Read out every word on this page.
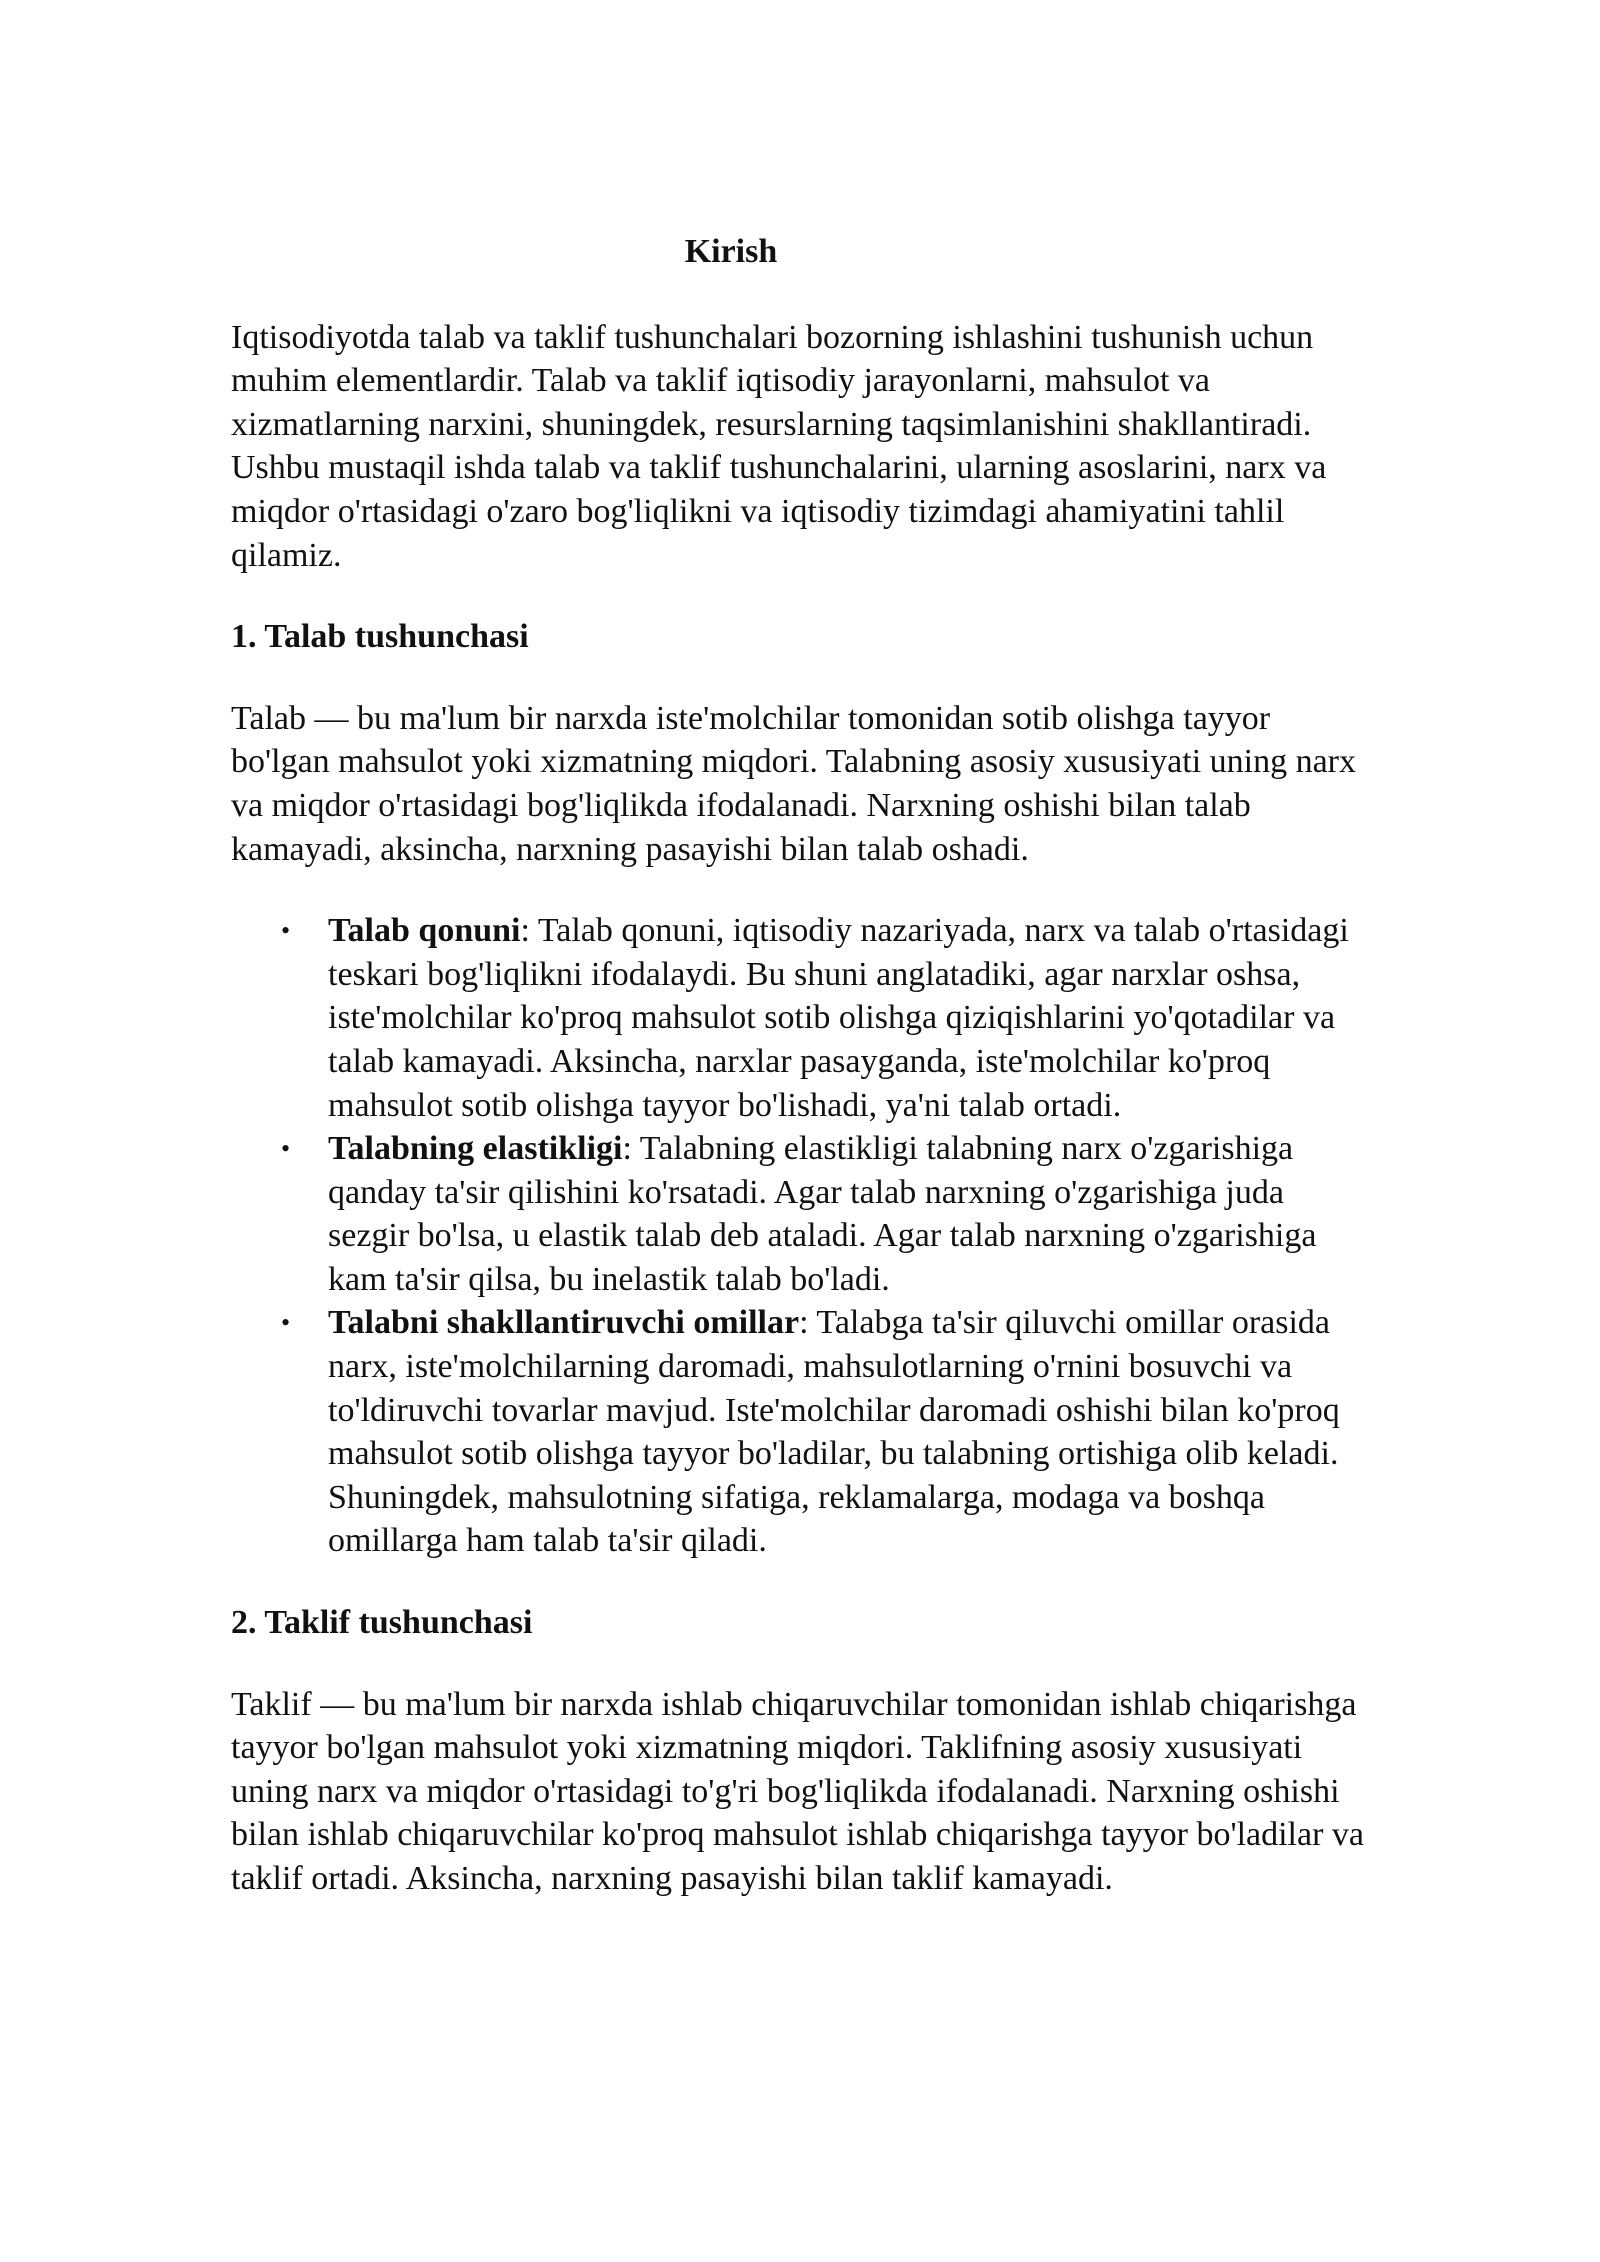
Kirish

Iqtisodiyotda talab va taklif tushunchalari bozorning ishlashini tushunish uchun muhim elementlardir. Talab va taklif iqtisodiy jarayonlarni, mahsulot va xizmatlarning narxini, shuningdek, resurslarning taqsimlanishini shakllantiradi. Ushbu mustaqil ishda talab va taklif tushunchalarini, ularning asoslarini, narx va miqdor o'rtasidagi o'zaro bog'liqlikni va iqtisodiy tizimdagi ahamiyatini tahlil qilamiz.

1. Talab tushunchasi

Talab — bu ma'lum bir narxda iste'molchilar tomonidan sotib olishga tayyor bo'lgan mahsulot yoki xizmatning miqdori. Talabning asosiy xususiyati uning narx va miqdor o'rtasidagi bog'liqlikda ifodalanadi. Narxning oshishi bilan talab kamayadi, aksincha, narxning pasayishi bilan talab oshadi.

• Talab qonuni: Talab qonuni, iqtisodiy nazariyada, narx va talab o'rtasidagi teskari bog'liqlikni ifodalaydi. Bu shuni anglatadiki, agar narxlar oshsa, iste'molchilar ko'proq mahsulot sotib olishga qiziqishlarini yo'qotadilar va talab kamayadi. Aksincha, narxlar pasayganda, iste'molchilar ko'proq mahsulot sotib olishga tayyor bo'lishadi, ya'ni talab ortadi.
• Talabning elastikligi: Talabning elastikligi talabning narx o'zgarishiga qanday ta'sir qilishini ko'rsatadi. Agar talab narxning o'zgarishiga juda sezgir bo'lsa, u elastik talab deb ataladi. Agar talab narxning o'zgarishiga kam ta'sir qilsa, bu inelastik talab bo'ladi.
• Talabni shakllantiruvchi omillar: Talabga ta'sir qiluvchi omillar orasida narx, iste'molchilarning daromadi, mahsulotlarning o'rnini bosuvchi va to'ldiruvchi tovarlar mavjud. Iste'molchilar daromadi oshishi bilan ko'proq mahsulot sotib olishga tayyor bo'ladilar, bu talabning ortishiga olib keladi. Shuningdek, mahsulotning sifatiga, reklamalarga, modaga va boshqa omillarga ham talab ta'sir qiladi.

2. Taklif tushunchasi

Taklif — bu ma'lum bir narxda ishlab chiqaruvchilar tomonidan ishlab chiqarishga tayyor bo'lgan mahsulot yoki xizmatning miqdori. Taklifning asosiy xususiyati uning narx va miqdor o'rtasidagi to'g'ri bog'liqlikda ifodalanadi. Narxning oshishi bilan ishlab chiqaruvchilar ko'proq mahsulot ishlab chiqarishga tayyor bo'ladilar va taklif ortadi. Aksincha, narxning pasayishi bilan taklif kamayadi.
